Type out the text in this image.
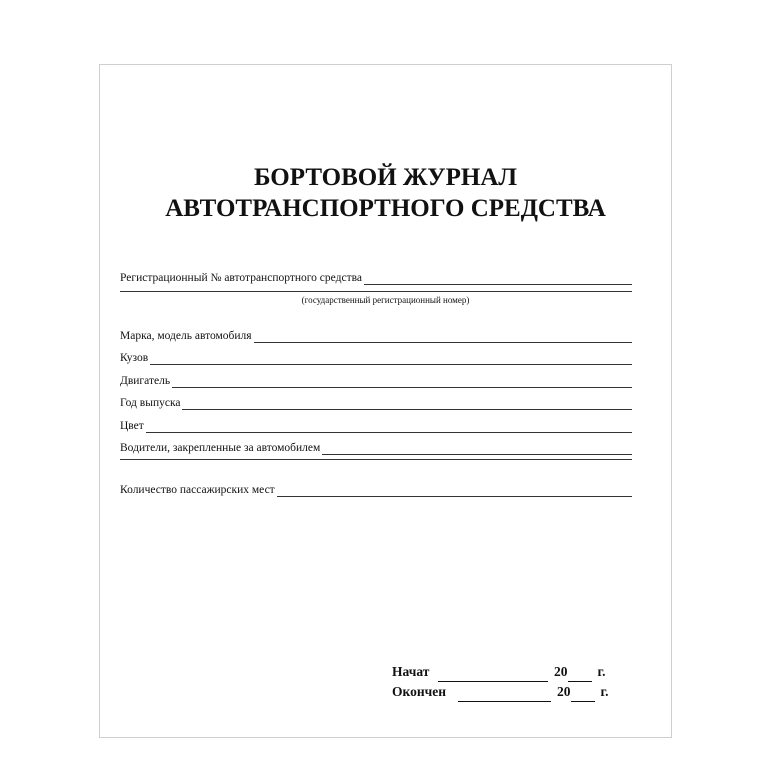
БОРТОВОЙ ЖУРНАЛ
АВТОТРАНСПОРТНОГО СРЕДСТВА
Регистрационный № автотранспортного средства
(государственный регистрационный номер)
Марка, модель автомобиля
Кузов
Двигатель
Год выпуска
Цвет
Водители, закрепленные за автомобилем
Количество пассажирских мест
Начат	20 г.
Окончен	20 г.
